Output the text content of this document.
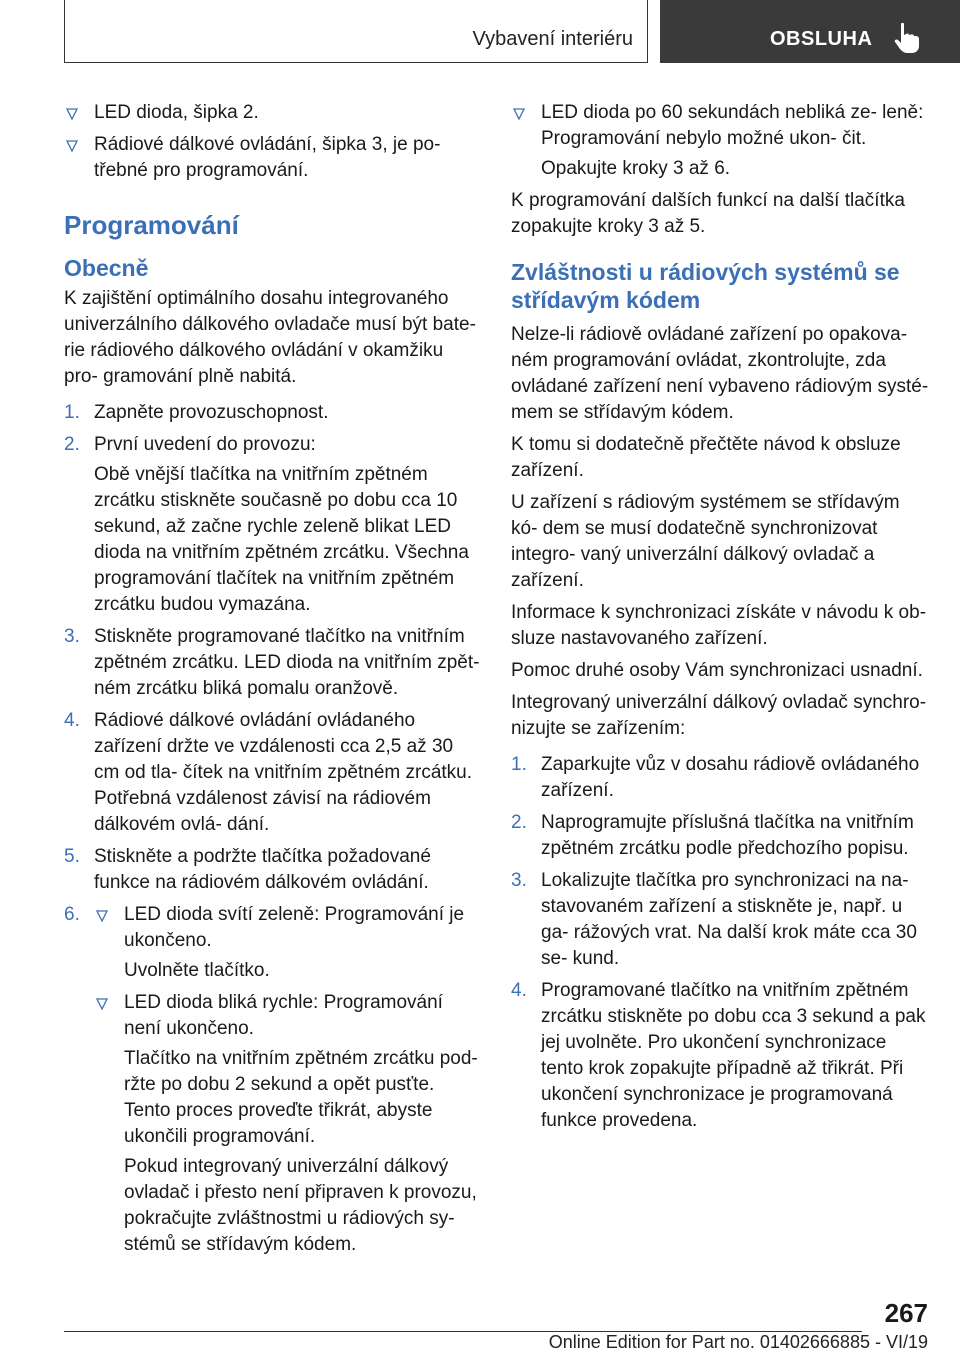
Vybavení interiéru	OBSLUHA
LED dioda, šipka 2.
Rádiové dálkové ovládání, šipka 3, je po‐ třebné pro programování.
Programování
Obecně

K zajištění optimálního dosahu integrovaného univerzálního dálkového ovladače musí být bate‐ rie rádiového dálkového ovládání v okamžiku pro‐ gramování plně nabitá.

1. Zapněte provozuschopnost.
2. První uvedení do provozu:
Obě vnější tlačítka na vnitřním zpětném zrcátku stiskněte současně po dobu cca 10 sekund, až začne rychle zeleně blikat LED dioda na vnitřním zpětném zrcátku. Všechna programování tlačítek na vnitřním zpětném zrcátku budou vymazána.
3. Stiskněte programované tlačítko na vnitřním zpětném zrcátku. LED dioda na vnitřním zpět‐ ném zrcátku bliká pomalu oranžově.
4. Rádiové dálkové ovládání ovládaného zařízení držte ve vzdálenosti cca 2,5 až 30 cm od tla‐ čítek na vnitřním zpětném zrcátku. Potřebná vzdálenost závisí na rádiovém dálkovém ovlá‐ dání.
5. Stiskněte a podržte tlačítka požadované funkce na rádiovém dálkovém ovládání.
6. LED dioda svítí zeleně: Programování je ukončeno.
Uvolněte tlačítko.
LED dioda bliká rychle: Programování není ukončeno.
Tlačítko na vnitřním zpětném zrcátku pod‐ ržte po dobu 2 sekund a opět pusťte. Tento proces proveďte třikrát, abyste ukončili programování.
Pokud integrovaný univerzální dálkový ovladač i přesto není připraven k provozu, pokračujte zvláštnostmi u rádiových sy‐ stémů se střídavým kódem.
LED dioda po 60 sekundách nebliká ze‐ leně: Programování nebylo možné ukon‐ čit.
Opakujte kroky 3 až 6.

K programování dalších funkcí na další tlačítka zopakujte kroky 3 až 5.

Zvláštnosti u rádiových systémů se střídavým kódem

Nelze-li rádiově ovládané zařízení po opakova‐ ném programování ovládat, zkontrolujte, zda ovládané zařízení není vybaveno rádiovým systé‐ mem se střídavým kódem.

K tomu si dodatečně přečtěte návod k obsluze zařízení.

U zařízení s rádiovým systémem se střídavým kó‐ dem se musí dodatečně synchronizovat integro‐ vaný univerzální dálkový ovladač a zařízení.

Informace k synchronizaci získáte v návodu k ob‐ sluze nastavovaného zařízení.

Pomoc druhé osoby Vám synchronizaci usnadní.

Integrovaný univerzální dálkový ovladač synchro‐ nizujte se zařízením:

1. Zaparkujte vůz v dosahu rádiově ovládaného zařízení.
2. Naprogramujte příslušná tlačítka na vnitřním zpětném zrcátku podle předchozího popisu.
3. Lokalizujte tlačítka pro synchronizaci na na‐ stavovaném zařízení a stiskněte je, např. u ga‐ rážových vrat. Na další krok máte cca 30 se‐ kund.
4. Programované tlačítko na vnitřním zpětném zrcátku stiskněte po dobu cca 3 sekund a pak jej uvolněte. Pro ukončení synchronizace tento krok zopakujte případně až třikrát. Při ukončení synchronizace je programovaná funkce provedena.
267
Online Edition for Part no. 01402666885 - VI/19
